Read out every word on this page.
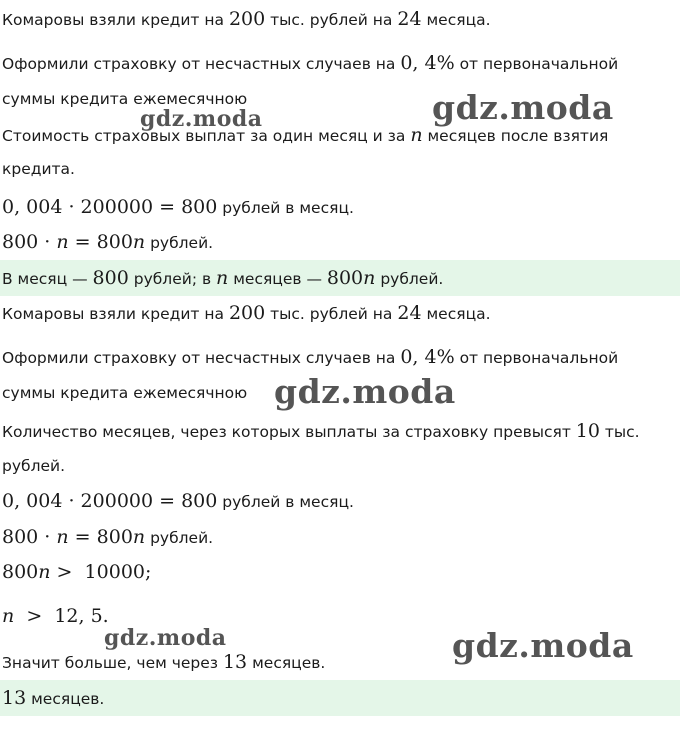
Комаровы взяли кредит на 200 тыс. рублей на 24 месяца.
Оформили страховку от несчастных случаев на 0, 4% от первоначальной
суммы кредита ежемесячною
Стоимость страховых выплат за один месяц и за n месяцев после взятия
кредита.
0, 004 · 200000 = 800 рублей в месяц.
800 · n = 800n рублей.
В месяц — 800 рублей; в n месяцев — 800n рублей.
Комаровы взяли кредит на 200 тыс. рублей на 24 месяца.
Оформили страховку от несчастных случаев на 0, 4% от первоначальной
суммы кредита ежемесячною
Количество месяцев, через которых выплаты за страховку превысят 10 тыс.
рублей.
0, 004 · 200000 = 800 рублей в месяц.
800 · n = 800n рублей.
800n >  10000;
n  >  12, 5.
Значит больше, чем через 13 месяцев.
13 месяцев.
gdz.moda	gdz.moda
gdz.moda
gdz.moda	gdz.moda
